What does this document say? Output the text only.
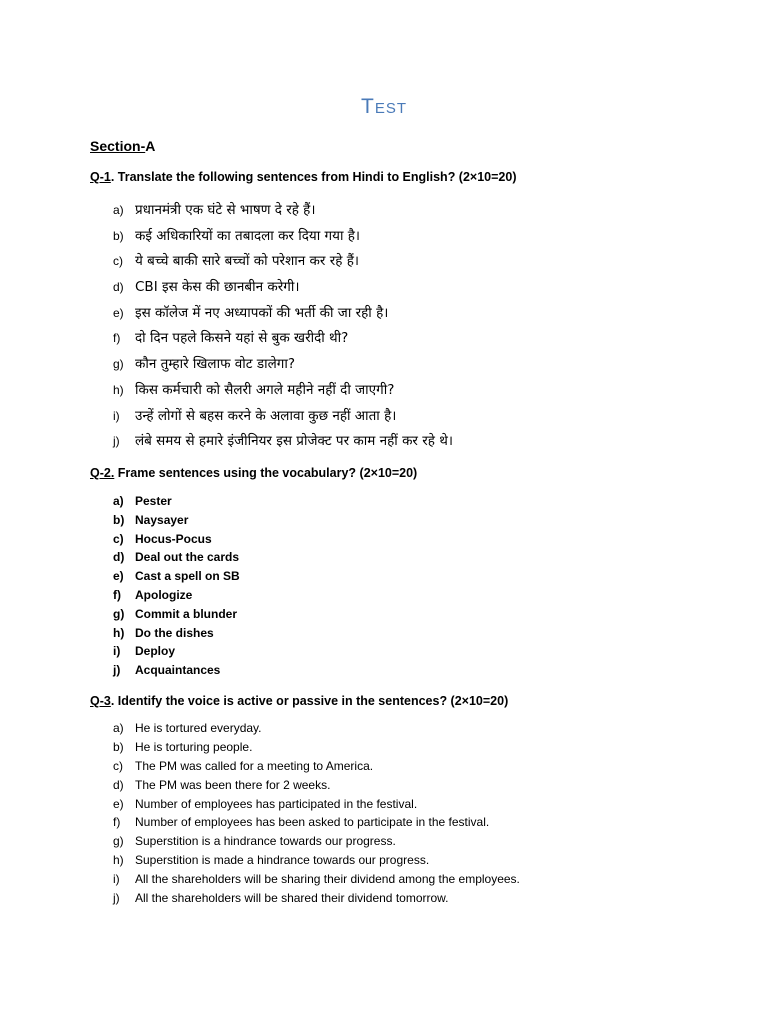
Test
Section-A
Q-1. Translate the following sentences from Hindi to English? (2×10=20)
a) प्रधानमंत्री एक घंटे से भाषण दे रहे हैं।
b) कई अधिकारियों का तबादला कर दिया गया है।
c) ये बच्चे बाकी सारे बच्चों को परेशान कर रहे हैं।
d) CBI इस केस की छानबीन करेगी।
e) इस कॉलेज में नए अध्यापकों की भर्ती की जा रही है।
f)	दो दिन पहले किसने यहां से बुक खरीदी थी?
g) कौन तुम्हारे खिलाफ वोट डालेगा?
h) किस कर्मचारी को सैलरी अगले महीने नहीं दी जाएगी?
i)	उन्हें लोगों से बहस करने के अलावा कुछ नहीं आता है।
j)	लंबे समय से हमारे इंजीनियर इस प्रोजेक्ट पर काम नहीं कर रहे थे।
Q-2. Frame sentences using the vocabulary? (2×10=20)
a) Pester
b) Naysayer
c) Hocus-Pocus
d) Deal out the cards
e) Cast a spell on SB
f)	Apologize
g) Commit a blunder
h) Do the dishes
i)	Deploy
j)	Acquaintances
Q-3. Identify the voice is active or passive in the sentences? (2×10=20)
a) He is tortured everyday.
b) He is torturing people.
c)	The PM was called for a meeting to America.
d) The PM was been there for 2 weeks.
e) Number of employees has participated in the festival.
f)	Number of employees has been asked to participate in the festival.
g) Superstition is a hindrance towards our progress.
h) Superstition is made a hindrance towards our progress.
i)	All the shareholders will be sharing their dividend among the employees.
j)	All the shareholders will be shared their dividend tomorrow.
